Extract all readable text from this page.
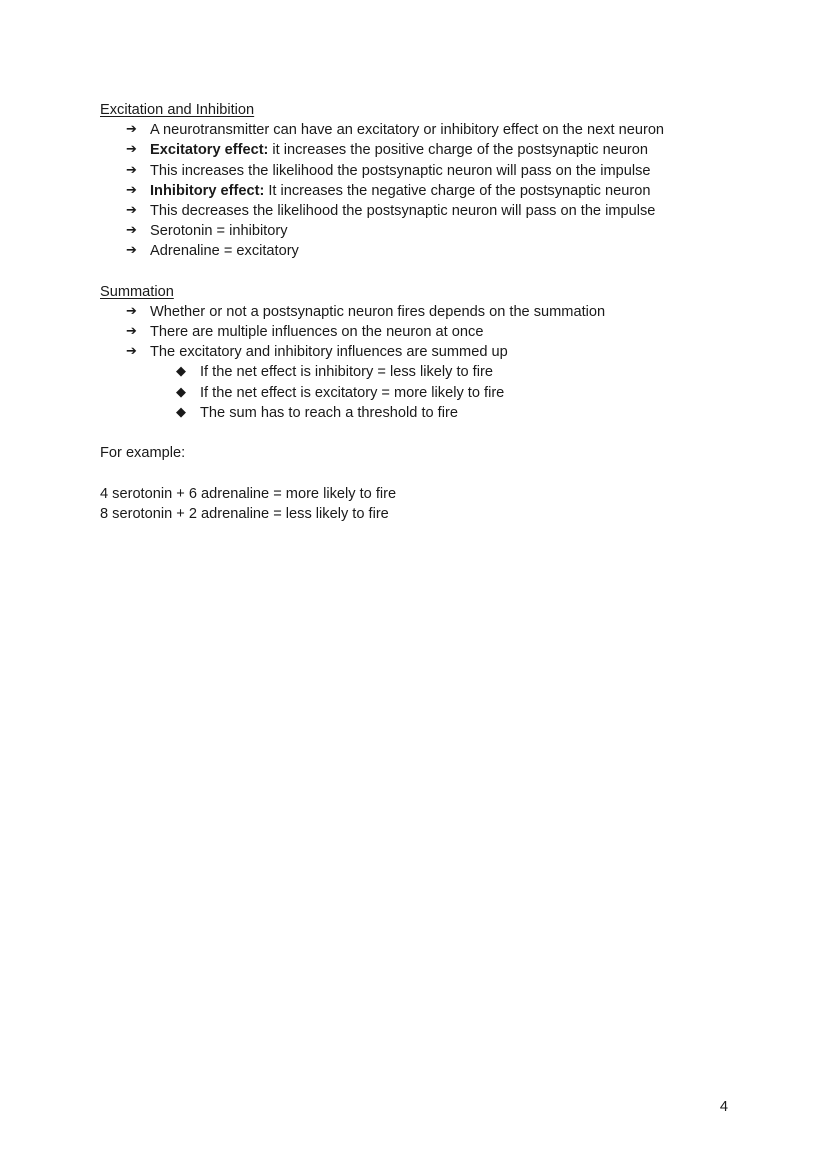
Excitation and Inhibition
➔ A neurotransmitter can have an excitatory or inhibitory effect on the next neuron
➔ Excitatory effect: it increases the positive charge of the postsynaptic neuron
➔ This increases the likelihood the postsynaptic neuron will pass on the impulse
➔ Inhibitory effect: It increases the negative charge of the postsynaptic neuron
➔ This decreases the likelihood the postsynaptic neuron will pass on the impulse
➔ Serotonin = inhibitory
➔ Adrenaline = excitatory
Summation
➔ Whether or not a postsynaptic neuron fires depends on the summation
➔ There are multiple influences on the neuron at once
➔ The excitatory and inhibitory influences are summed up
◆ If the net effect is inhibitory = less likely to fire
◆ If the net effect is excitatory = more likely to fire
◆ The sum has to reach a threshold to fire
For example:
4 serotonin + 6 adrenaline = more likely to fire
8 serotonin + 2 adrenaline = less likely to fire
4
